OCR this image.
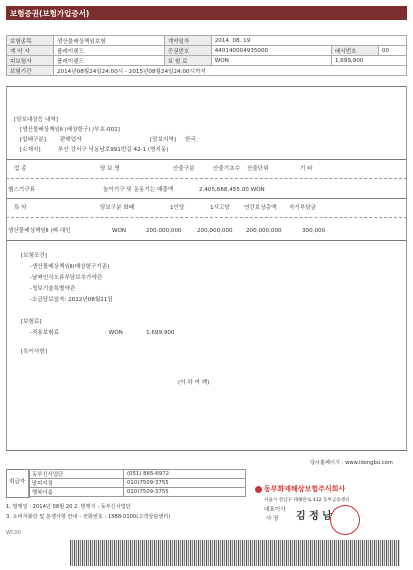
보험증권(보험가입증서)
보험종목	생산물배상책임보험	계약일자	2014. 08. 19		
계 약 자	플레이랜드	증권번호	440140004935000	배서번호	00
피보험자	플레이랜드	보 험 료	WON	1,699,900	
보험기간	2014년08월24일24:00시 - 2015년08월24일24:00시까지				
[담보대상등 내역]
[생산물배상책임Ⅱ (배상항구) /부호-001]
[업태구분]	판매업자	[담보지역] 한국
[소재지]	부산 강서구 낙동남로991번길 42-1 (명지동)
업 종	담 보 명	산출구분	산출기초수 산출단위	기 타
헬스기구류	놀이기구 및 운동기는 매출액	2,405,668,455.00 WON
특 약	담보구분 화폐	1인당	1사고당	연간보상총액 자기부담금
생산물배상책임Ⅱ (배 대인	WON	200,000,000	200,000,000 200,000,000	300,000
[보험조건]
-생산물배상책임Ⅱ(배상항구기준)
-날짜인식오류부담보추가약관
-청보기술특별약관
-소급담보일자: 2012년08월21일
[보험료]
-적용보험료	: WON	1,699,900
[특이사항]
(이 하 여 백)
당사홈페이지 : www.idongbu.com
취급자
동부신사업단	(051) 865-6972
말피지점	010)7509-3755
행복이룸	010)7509-3755	동부화재해상보험주식회사
서울시 강남구 테헤란로 432 동부금융센터
대표이사
사 장 김 정 남
1. 발행일 : 2014년 08월 20 2. 발행지 : 동부신사업단
3. 소비자불만 및 분쟁사항 안내 - 전화번호 : 1588-0100(고객상담센터)
WC00
